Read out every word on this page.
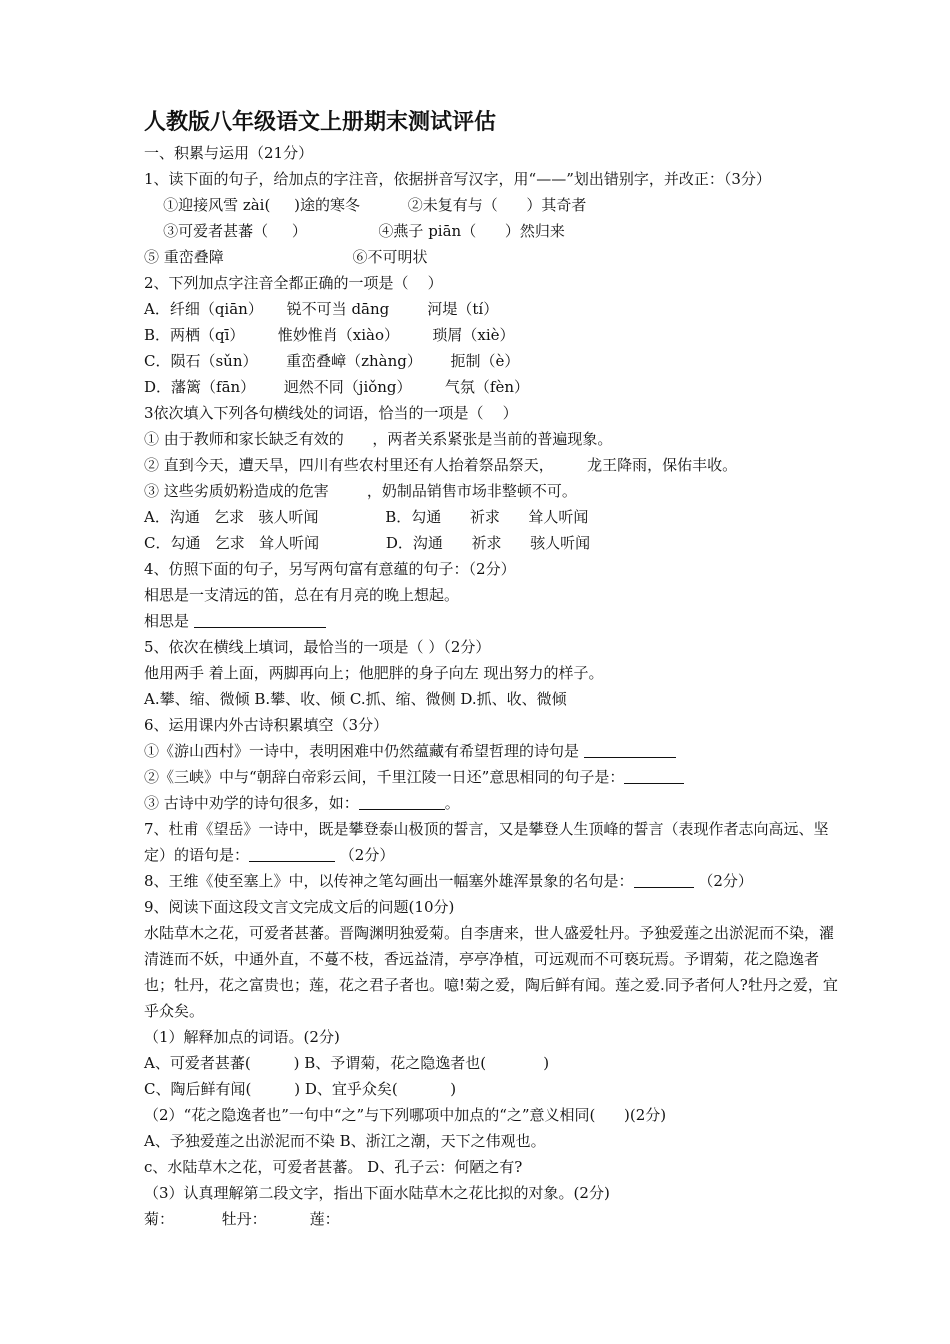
人教版八年级语文上册期末测试评估
一、积累与运用（21分）
1、读下面的句子，给加点的字注音，依据拼音写汉字，用“——”划出错别字，并改正：（3分）
①迎接风雪 zài(     )途的寒冬          ②未复有与（      ）其奇者
③可爱者甚蕃（     ）               ④燕子 piān（      ）然归来
⑤ 重峦叠障                           ⑥不可明状
2、下列加点字注音全都正确的一项是（    ）
A．纤细（qiān）     锐不可当 dāng        河堤（tí）
B．两栖（qī）       惟妙惟肖（xiào）       琐屑（xiè）
C．陨石（sǔn）      重峦叠嶂（zhàng）      扼制（è）
D．藩篱（fān）      迥然不同（jiǒng）       气氛（fèn）
3依次填入下列各句横线处的词语，恰当的一项是（    ）
① 由于教师和家长缺乏有效的      ，两者关系紧张是当前的普遍现象。
② 直到今天，遭天旱，四川有些农村里还有人抬着祭品祭天，       龙王降雨，保佑丰收。
③ 这些劣质奶粉造成的危害        ，奶制品销售市场非整顿不可。
A．沟通   乞求   骇人听闻              B．勾通      祈求      耸人听闻
C．勾通   乞求   耸人听闻              D．沟通      祈求      骇人听闻
4、仿照下面的句子，另写两句富有意蕴的句子：（2分）
相思是一支清远的笛，总在有月亮的晚上想起。
相思是
5、依次在横线上填词，最恰当的一项是（ ）（2分）
他用两手 着上面，两脚再向上；他肥胖的身子向左 现出努力的样子。
A.攀、缩、微倾 B.攀、收、倾 C.抓、缩、微侧 D.抓、收、微倾
6、运用课内外古诗积累填空（3分）
①《游山西村》一诗中，表明困难中仍然蕴藏有希望哲理的诗句是
②《三峡》中与“朝辞白帝彩云间，千里江陵一日还”意思相同的句子是：
③ 古诗中劝学的诗句很多，如：	。
7、杜甫《望岳》一诗中，既是攀登泰山极顶的誓言，又是攀登人生顶峰的誓言（表现作者志向高远、坚定）的语句是：	（2分）
8、王维《使至塞上》中，以传神之笔勾画出一幅塞外雄浑景象的名句是：	（2分）
9、阅读下面这段文言文完成文后的问题(10分)
水陆草木之花，可爱者甚蕃。晋陶渊明独爱菊。自李唐来，世人盛爱牡丹。予独爱莲之出淤泥而不染，濯清涟而不妖，中通外直，不蔓不枝，香远益清，亭亭净植，可远观而不可亵玩焉。予谓菊，花之隐逸者也；牡丹，花之富贵也；莲，花之君子者也。噫!菊之爱，陶后鲜有闻。莲之爱.同予者何人?牡丹之爱，宜乎众矣。
（1）解释加点的词语。(2分)
A、可爱者甚蕃(         ) B、予谓菊，花之隐逸者也(            )
C、陶后鲜有闻(         ) D、宜乎众矣(           )
（2）“花之隐逸者也”一句中“之”与下列哪项中加点的“之”意义相同(      )(2分)
A、予独爱莲之出淤泥而不染 B、浙江之潮，天下之伟观也。
c、水陆草木之花，可爱者甚蕃。 D、孔子云：何陋之有?
（3）认真理解第二段文字，指出下面水陆草木之花比拟的对象。(2分)
菊：          牡丹：         莲：
